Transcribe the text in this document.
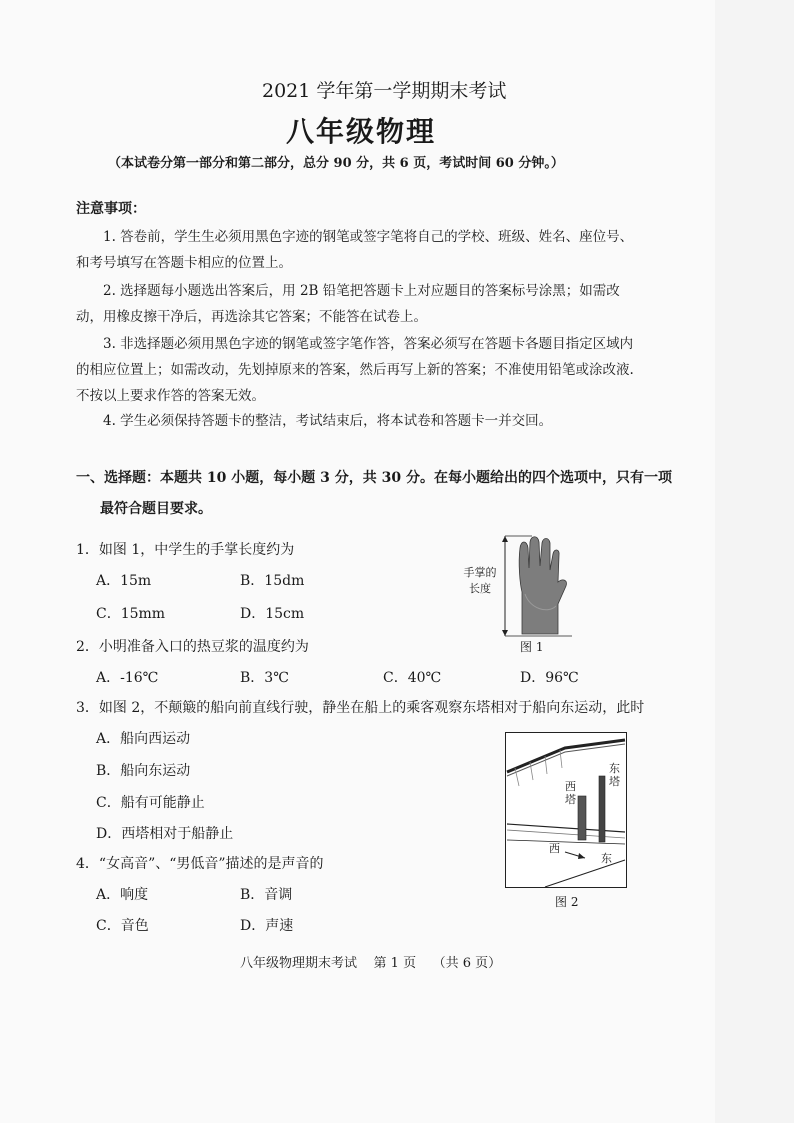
2021 学年第一学期期末考试
八年级物理
（本试卷分第一部分和第二部分，总分 90 分，共 6 页，考试时间 60 分钟。）
注意事项：

1. 答卷前，学生生必须用黑色字迹的钢笔或签字笔将自己的学校、班级、姓名、座位号、和考号填写在答题卡相应的位置上。

2. 选择题每小题选出答案后，用 2B 铅笔把答题卡上对应题目的答案标号涂黑；如需改动，用橡皮擦干净后，再选涂其它答案；不能答在试卷上。

3. 非选择题必须用黑色字迹的钢笔或签字笔作答，答案必须写在答题卡各题目指定区域内的相应位置上；如需改动，先划掉原来的答案，然后再写上新的答案；不准使用铅笔或涂改液. 不按以上要求作答的答案无效。

4. 学生必须保持答题卡的整洁，考试结束后，将本试卷和答题卡一并交回。

一、选择题：本题共 10 小题，每小题 3 分，共 30 分。在每小题给出的四个选项中，只有一项
最符合题目要求。
1．如图 1，中学生的手掌长度约为
A．15m	B．15dm
C．15mm	D．15cm
手掌的
长度
图 1
2．小明准备入口的热豆浆的温度约为
A．-16℃	B．3℃	C．40℃	D．96℃
3．如图 2，不颠簸的船向前直线行驶，静坐在船上的乘客观察东塔相对于船向东运动，此时
A．船向西运动
B．船向东运动
C．船有可能静止
D．西塔相对于船静止
东塔
西塔
西
东
图 2
4．“女高音”、“男低音”描述的是声音的
A．响度	B．音调
C．音色	D．声速
八年级物理期末考试    第 1 页    （共 6 页）
